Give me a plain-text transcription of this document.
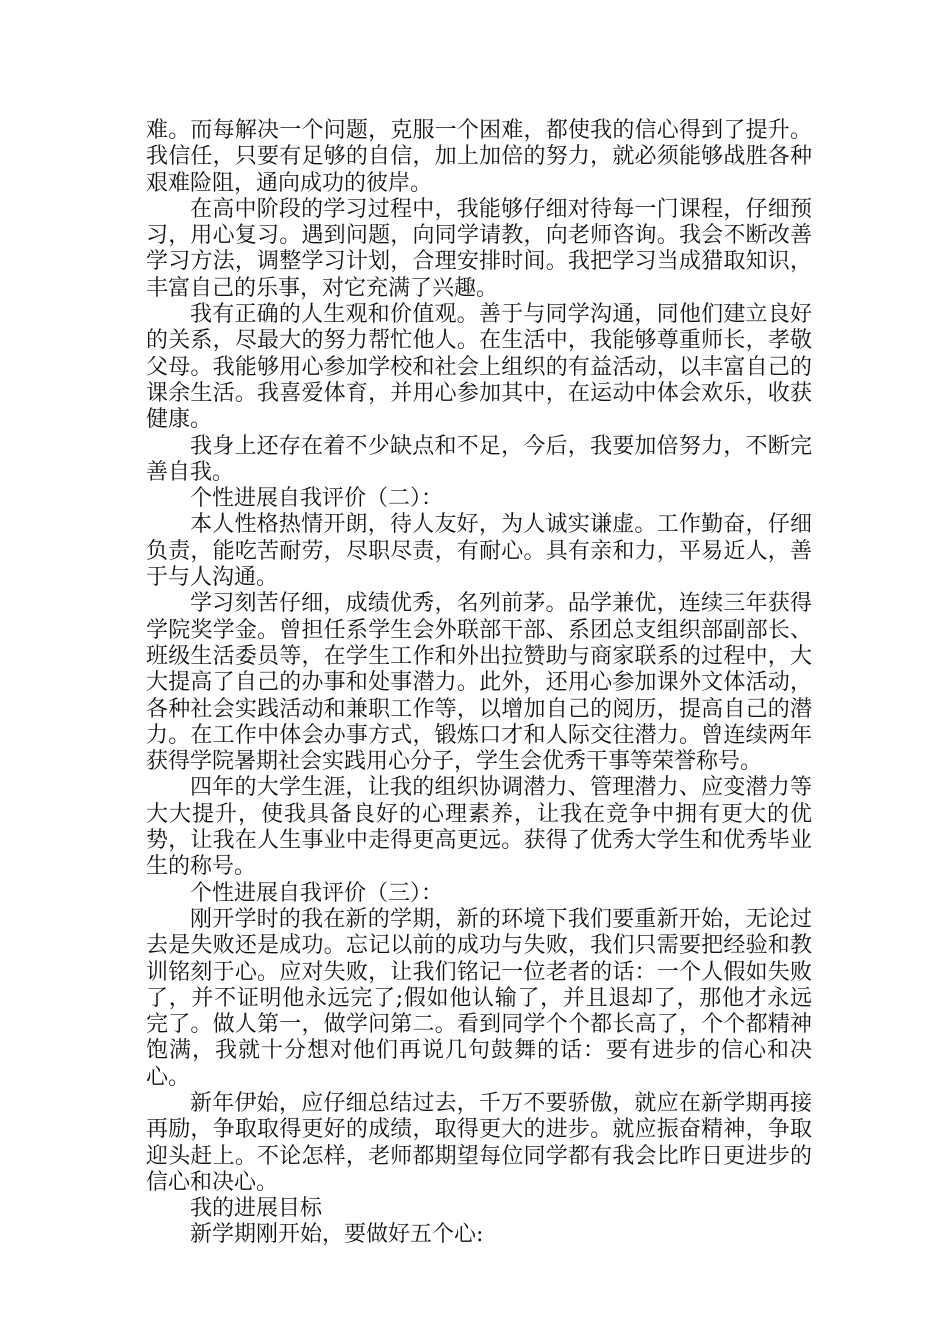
难。而每解决一个问题，克服一个困难，都使我的信心得到了提升。我信任，只要有足够的自信，加上加倍的努力，就必须能够战胜各种艰难险阻，通向成功的彼岸。

在高中阶段的学习过程中，我能够仔细对待每一门课程，仔细预习，用心复习。遇到问题，向同学请教，向老师咨询。我会不断改善学习方法，调整学习计划，合理安排时间。我把学习当成猎取知识，丰富自己的乐事，对它充满了兴趣。

我有正确的人生观和价值观。善于与同学沟通，同他们建立良好的关系，尽最大的努力帮忙他人。在生活中，我能够尊重师长，孝敬父母。我能够用心参加学校和社会上组织的有益活动，以丰富自己的课余生活。我喜爱体育，并用心参加其中，在运动中体会欢乐，收获健康。

我身上还存在着不少缺点和不足，今后，我要加倍努力，不断完善自我。

个性进展自我评价（二）：

本人性格热情开朗，待人友好，为人诚实谦虚。工作勤奋，仔细负责，能吃苦耐劳，尽职尽责，有耐心。具有亲和力，平易近人，善于与人沟通。

学习刻苦仔细，成绩优秀，名列前茅。品学兼优，连续三年获得学院奖学金。曾担任系学生会外联部干部、系团总支组织部副部长、班级生活委员等，在学生工作和外出拉赞助与商家联系的过程中，大大提高了自己的办事和处事潜力。此外，还用心参加课外文体活动，各种社会实践活动和兼职工作等，以增加自己的阅历，提高自己的潜力。在工作中体会办事方式，锻炼口才和人际交往潜力。曾连续两年获得学院暑期社会实践用心分子，学生会优秀干事等荣誉称号。

四年的大学生涯，让我的组织协调潜力、管理潜力、应变潜力等大大提升，使我具备良好的心理素养，让我在竞争中拥有更大的优势，让我在人生事业中走得更高更远。获得了优秀大学生和优秀毕业生的称号。

个性进展自我评价（三）：

刚开学时的我在新的学期，新的环境下我们要重新开始，无论过去是失败还是成功。忘记以前的成功与失败，我们只需要把经验和教训铭刻于心。应对失败，让我们铭记一位老者的话：一个人假如失败了，并不证明他永远完了;假如他认输了，并且退却了，那他才永远完了。做人第一，做学问第二。看到同学个个都长高了，个个都精神饱满，我就十分想对他们再说几句鼓舞的话：要有进步的信心和决心。

新年伊始，应仔细总结过去，千万不要骄傲，就应在新学期再接再励，争取取得更好的成绩，取得更大的进步。就应振奋精神，争取迎头赶上。不论怎样，老师都期望每位同学都有我会比昨日更进步的信心和决心。

我的进展目标

新学期刚开始，要做好五个心:
